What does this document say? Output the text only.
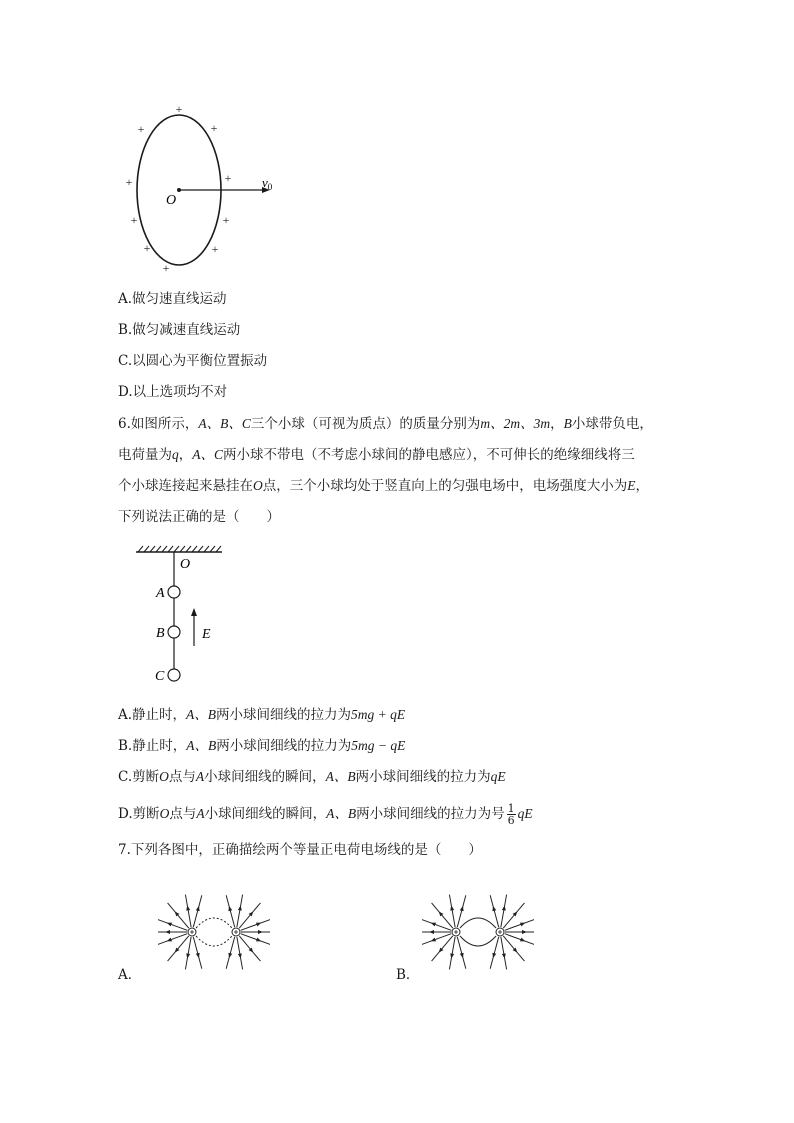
+
+	+
+	+
+	+
+	+
+
O
$v_0$
A.做匀速直线运动
B.做匀减速直线运动
C.以圆心为平衡位置振动
D.以上选项均不对
6.如图所示，A、B、C三个小球（可视为质点）的质量分别为m、2m、3m，B小球带负电，
电荷量为q，A、C两小球不带电（不考虑小球间的静电感应），不可伸长的绝缘细线将三
个小球连接起来悬挂在O点，三个小球均处于竖直向上的匀强电场中，电场强度大小为E，
下列说法正确的是（　　）
O
A
B
C
E
A.静止时，A、B两小球间细线的拉力为5mg + qE
B.静止时，A、B两小球间细线的拉力为5mg − qE
C.剪断O点与A小球间细线的瞬间，A、B两小球间细线的拉力为qE
D.剪断O点与A小球间细线的瞬间，A、B两小球间细线的拉力为号 $\frac{1}{6}$ qE
7.下列各图中，正确描绘两个等量正电荷电场线的是（　　）
A．	B．
